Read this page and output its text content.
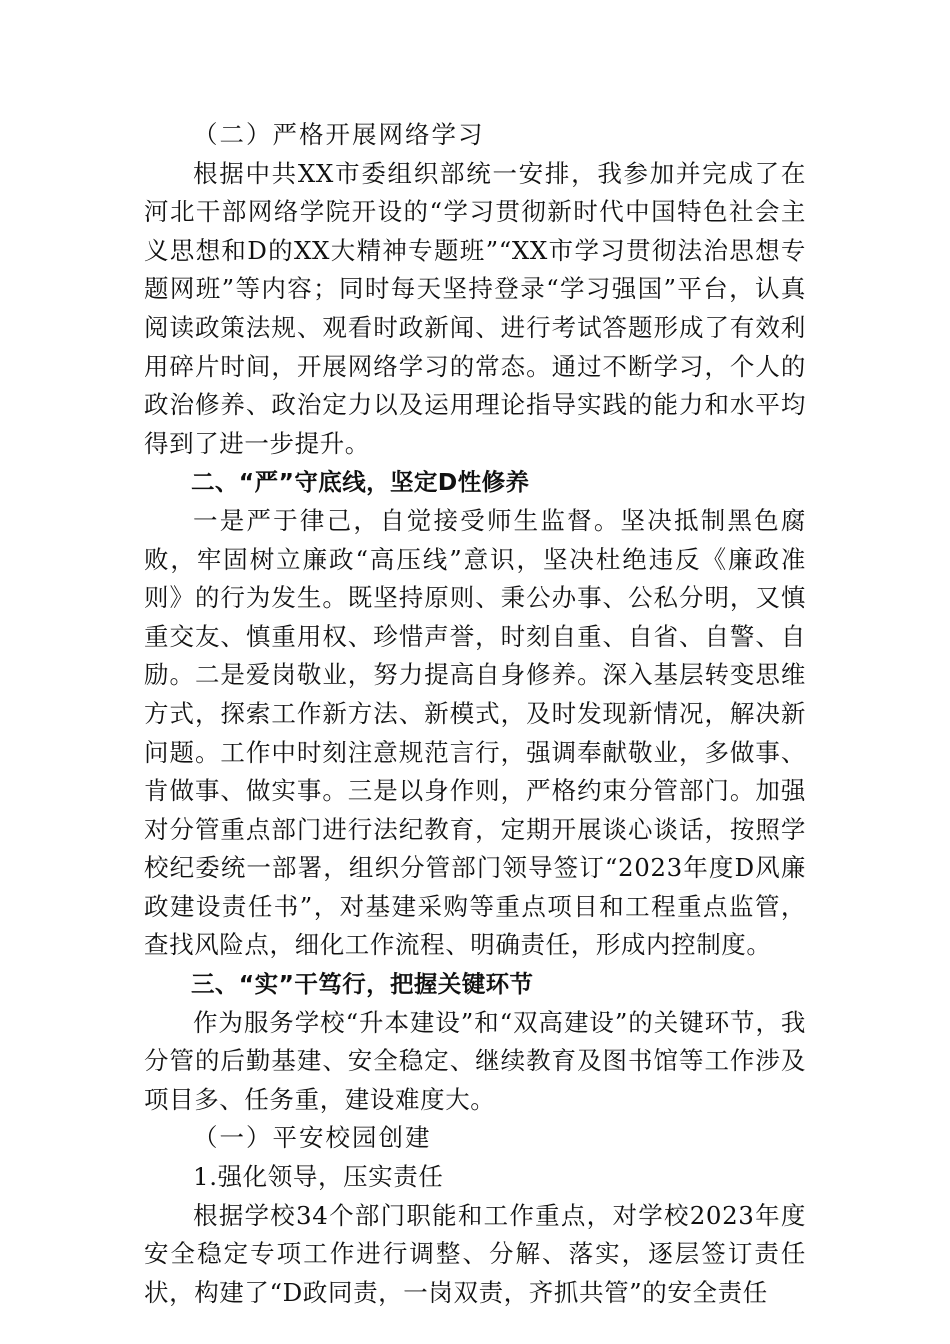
（二）严格开展网络学习

根据中共XX市委组织部统一安排，我参加并完成了在河北干部网络学院开设的“学习贯彻新时代中国特色社会主义思想和D的XX大精神专题班”“XX市学习贯彻法治思想专题网班”等内容；同时每天坚持登录“学习强国”平台，认真阅读政策法规、观看时政新闻、进行考试答题形成了有效利用碎片时间，开展网络学习的常态。通过不断学习，个人的政治修养、政治定力以及运用理论指导实践的能力和水平均得到了进一步提升。

二、“严”守底线，坚定D性修养

一是严于律己，自觉接受师生监督。坚决抵制黑色腐败，牢固树立廉政“高压线”意识，坚决杜绝违反《廉政准则》的行为发生。既坚持原则、秉公办事、公私分明，又慎重交友、慎重用权、珍惜声誉，时刻自重、自省、自警、自励。二是爱岗敬业，努力提高自身修养。深入基层转变思维方式，探索工作新方法、新模式，及时发现新情况，解决新问题。工作中时刻注意规范言行，强调奉献敬业，多做事、肯做事、做实事。三是以身作则，严格约束分管部门。加强对分管重点部门进行法纪教育，定期开展谈心谈话，按照学校纪委统一部署，组织分管部门领导签订“2023年度D风廉政建设责任书”，对基建采购等重点项目和工程重点监管，查找风险点，细化工作流程、明确责任，形成内控制度。

三、“实”干笃行，把握关键环节

作为服务学校“升本建设”和“双高建设”的关键环节，我分管的后勤基建、安全稳定、继续教育及图书馆等工作涉及项目多、任务重，建设难度大。

（一）平安校园创建

1.强化领导，压实责任

根据学校34个部门职能和工作重点，对学校2023年度安全稳定专项工作进行调整、分解、落实，逐层签订责任状，构建了“D政同责，一岗双责，齐抓共管”的安全责任
